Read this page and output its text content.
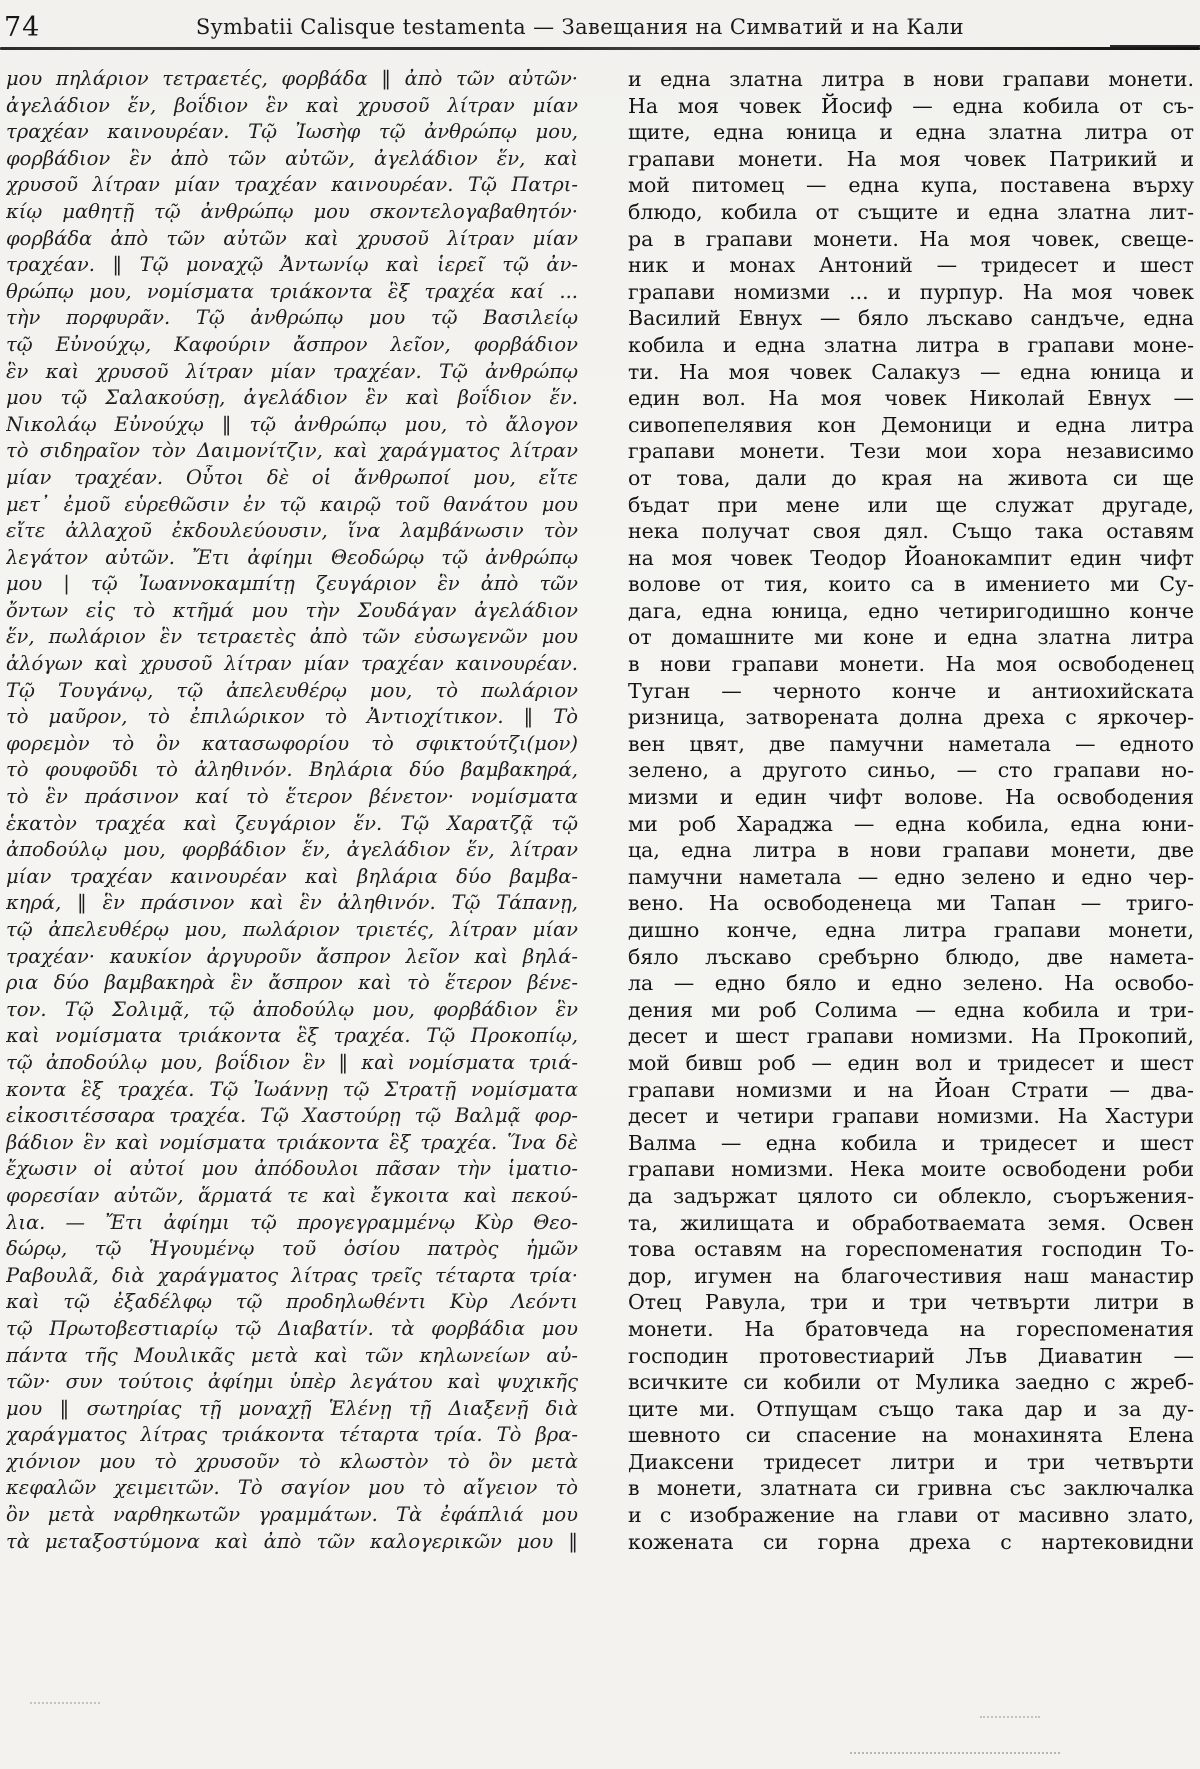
74	Symbatii Calisque testamenta — Завещания на Симватий и на Кали
μου πηλάριον τετραετές, φορβάδα ‖ ἀπὸ τῶν αὐτῶν·
ἀγελάδιον ἕν, βοΐδιον ἓν καὶ χρυσοῦ λίτραν μίαν
τραχέαν καινουρέαν. Τῷ Ἰωσὴφ τῷ ἀνθρώπῳ μου,
φορβάδιον ἓν ἀπὸ τῶν αὐτῶν, ἀγελάδιον ἕν, καὶ
χρυσοῦ λίτραν μίαν τραχέαν καινουρέαν. Τῷ Πατρι-
κίῳ μαθητῇ τῷ ἀνθρώπῳ μου σκοντελογαβαθητόν·
φορβάδα ἀπὸ τῶν αὐτῶν καὶ χρυσοῦ λίτραν μίαν
τραχέαν. ‖ Τῷ μοναχῷ Ἀντωνίῳ καὶ ἱερεῖ τῷ ἀν-
θρώπῳ μου, νομίσματα τριάκοντα ἓξ τραχέα καί ...
τὴν πορφυρᾶν. Τῷ ἀνθρώπῳ μου τῷ Βασιλείῳ
τῷ Εὐνούχῳ, Καφούριν ἄσπρον λεῖον, φορβάδιον
ἓν καὶ χρυσοῦ λίτραν μίαν τραχέαν. Τῷ ἀνθρώπῳ
μου τῷ Σαλακούσῃ, ἀγελάδιον ἓν καὶ βοΐδιον ἕν.
Νικολάῳ Εὐνούχῳ ‖ τῷ ἀνθρώπῳ μου, τὸ ἄλογον
τὸ σιδηραῖον τὸν Δαιμονίτζιν, καὶ χαράγματος λίτραν
μίαν τραχέαν. Οὗτοι δὲ οἱ ἄνθρωποί μου, εἴτε
μετ᾽ ἐμοῦ εὑρεθῶσιν ἐν τῷ καιρῷ τοῦ θανάτου μου
εἴτε ἀλλαχοῦ ἐκδουλεύουσιν, ἵνα λαμβάνωσιν τὸν
λεγάτον αὐτῶν. Ἔτι ἀφίημι Θεοδώρῳ τῷ ἀνθρώπῳ
μου | τῷ Ἰωαννοκαμπίτῃ ζευγάριον ἓν ἀπὸ τῶν
ὄντων εἰς τὸ κτῆμά μου τὴν Σουδάγαν ἀγελάδιον
ἕν, πωλάριον ἓν τετραετὲς ἀπὸ τῶν εὐσωγενῶν μου
ἀλόγων καὶ χρυσοῦ λίτραν μίαν τραχέαν καινουρέαν.
Τῷ Τουγάνῳ, τῷ ἀπελευθέρῳ μου, τὸ πωλάριον
τὸ μαῦρον, τὸ ἐπιλώρικον τὸ Ἀντιοχίτικον. ‖ Τὸ
φορεμὸν τὸ ὂν κατασωφορίου τὸ σφικτούτζι(μον)
τὸ φουφοῦδι τὸ ἀληθινόν. Βηλάρια δύο βαμβακηρά,
τὸ ἓν πράσινον καί τὸ ἕτερον βένετον· νομίσματα
ἑκατὸν τραχέα καὶ ζευγάριον ἕν. Τῷ Χαρατζᾷ τῷ
ἀποδούλῳ μου, φορβάδιον ἕν, ἀγελάδιον ἕν, λίτραν
μίαν τραχέαν καινουρέαν καὶ βηλάρια δύο βαμβα-
κηρά, ‖ ἓν πράσινον καὶ ἓν ἀληθινόν. Τῷ Τάπανῃ,
τῷ ἀπελευθέρῳ μου, πωλάριον τριετές, λίτραν μίαν
τραχέαν· καυκίον ἀργυροῦν ἄσπρον λεῖον καὶ βηλά-
ρια δύο βαμβακηρὰ ἓν ἄσπρον καὶ τὸ ἕτερον βένε-
τον. Τῷ Σολιμᾷ, τῷ ἀποδούλῳ μου, φορβάδιον ἓν
καὶ νομίσματα τριάκοντα ἓξ τραχέα. Τῷ Προκοπίῳ,
τῷ ἀποδούλῳ μου, βοΐδιον ἓν ‖ καὶ νομίσματα τριά-
κοντα ἓξ τραχέα. Τῷ Ἰωάννῃ τῷ Στρατῇ νομίσματα
εἰκοσιτέσσαρα τραχέα. Τῷ Χαστούρῃ τῷ Βαλμᾷ φορ-
βάδιον ἓν καὶ νομίσματα τριάκοντα ἓξ τραχέα. Ἵνα δὲ
ἔχωσιν οἱ αὐτοί μου ἀπόδουλοι πᾶσαν τὴν ἱματιο-
φορεσίαν αὐτῶν, ἅρματά τε καὶ ἔγκοιτα καὶ πεκού-
λια. — Ἔτι ἀφίημι τῷ προγεγραμμένῳ Κὺρ Θεο-
δώρῳ, τῷ Ἡγουμένῳ τοῦ ὁσίου πατρὸς ἡμῶν
Ραβουλᾶ, διὰ χαράγματος λίτρας τρεῖς τέταρτα τρία·
καὶ τῷ ἐξαδέλφῳ τῷ προδηλωθέντι Κὺρ Λεόντι
τῷ Πρωτοβεστιαρίῳ τῷ Διαβατίν. τὰ φορβάδια μου
πάντα τῆς Μουλικᾶς μετὰ καὶ τῶν κηλωνείων αὐ-
τῶν· συν τούτοις ἀφίημι ὑπὲρ λεγάτου καὶ ψυχικῆς
μου ‖ σωτηρίας τῇ μοναχῇ Ἑλένῃ τῇ Διαξενῇ διὰ
χαράγματος λίτρας τριάκοντα τέταρτα τρία. Τὸ βρα-
χιόνιον μου τὸ χρυσοῦν τὸ κλωστὸν τὸ ὂν μετὰ
κεφαλῶν χειμειτῶν. Τὸ σαγίον μου τὸ αἴγειον τὸ
ὂν μετὰ ναρθηκωτῶν γραμμάτων. Τὰ ἐφάπλιά μου
τὰ μεταξοστύμονα καὶ ἀπὸ τῶν καλογερικῶν μου ‖
и една златна литра в нови грапави монети.
На моя човек Йосиф — една кобила от съ-
щите, една юница и една златна литра от
грапави монети. На моя човек Патрикий и
мой питомец — една купа, поставена върху
блюдо, кобила от същите и една златна лит-
ра в грапави монети. На моя човек, свеще-
ник и монах Антоний — тридесет и шест
грапави номизми ... и пурпур. На моя човек
Василий Евнух — бяло лъскаво сандъче, една
кобила и една златна литра в грапави моне-
ти. На моя човек Салакуз — една юница и
един вол. На моя човек Николай Евнух —
сивопепелявия кон Демоници и една литра
грапави монети. Тези мои хора независимо
от това, дали до края на живота си ще
бъдат при мене или ще служат другаде,
нека получат своя дял. Също така оставям
на моя човек Теодор Йоанокампит един чифт
волове от тия, които са в имението ми Су-
дага, една юница, едно четиригодишно конче
от домашните ми коне и една златна литра
в нови грапави монети. На моя освободенец
Туган — черното конче и антиохийската
ризница, затворената долна дреха с яркочер-
вен цвят, две памучни наметала — едното
зелено, а другото синьо, — сто грапави но-
мизми и един чифт волове. На освободения
ми роб Хараджа — една кобила, една юни-
ца, една литра в нови грапави монети, две
памучни наметала — едно зелено и едно чер-
вено. На освободенеца ми Тапан — триго-
дишно конче, една литра грапави монети,
бяло лъскаво сребърно блюдо, две намета-
ла — едно бяло и едно зелено. На освобо-
дения ми роб Солима — една кобила и три-
десет и шест грапави номизми. На Прокопий,
мой бивш роб — един вол и тридесет и шест
грапави номизми и на Йоан Страти — два-
десет и четири грапави номизми. На Хастури
Валма — една кобила и тридесет и шест
грапави номизми. Нека моите освободени роби
да задържат цялото си облекло, съоръжения-
та, жилищата и обработваемата земя. Освен
това оставям на гореспоменатия господин То-
дор, игумен на благочестивия наш манастир
Отец Равула, три и три четвърти литри в
монети. На братовчеда на гореспоменатия
господин протовестиарий Лъв Диаватин —
всичките си кобили от Мулика заедно с жреб-
ците ми. Отпущам също така дар и за ду-
шевното си спасение на монахинята Елена
Диаксени тридесет литри и три четвърти
в монети, златната си гривна със заключалка
и с изображение на глави от масивно злато,
кожената си горна дреха с нартековидни
